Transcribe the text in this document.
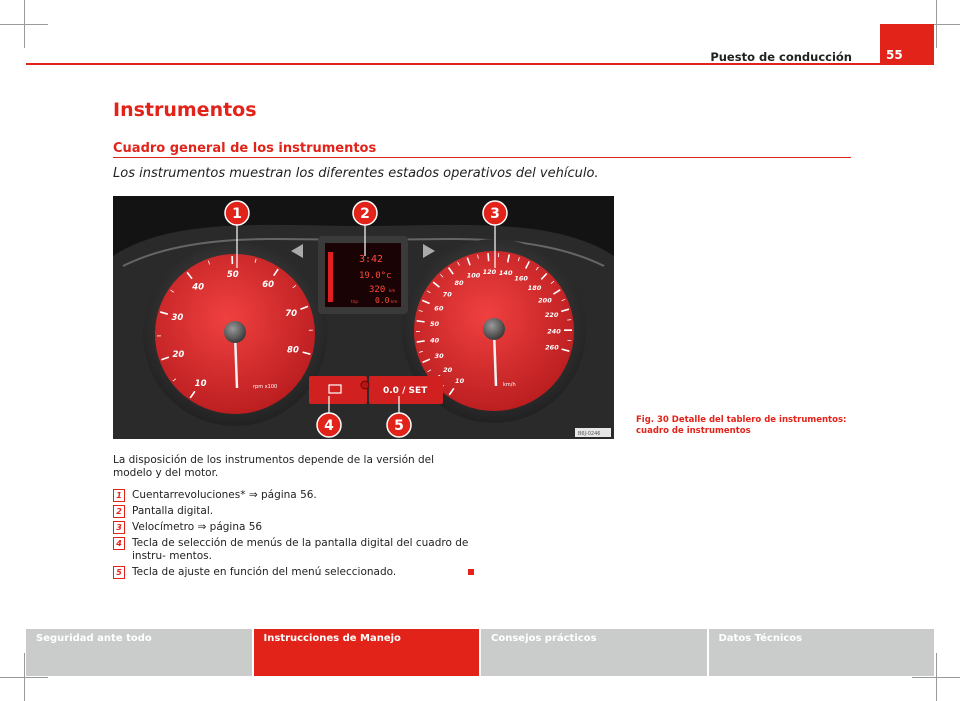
Puesto de conducción	55
Instrumentos
Cuadro general de los instrumentos
Los instrumentos muestran los diferentes estados operativos del vehículo.
10
20
30
40
50
60
70
80
rpm x100
10
20
30
40
50
60
70
80
100 120 140
160
180
200
220
240
260
km/h
3:42
19.0°c
320 km
trip 0.0 km
0.0 / SET
1	2	3
4	5	B6J-0246
Fig. 30 Detalle del tablero de instrumentos: cuadro de instrumentos
La disposición de los instrumentos depende de la versión del modelo y del motor.
1 Cuentarrevoluciones* ⇒ página 56.
2 Pantalla digital.
3 Velocímetro ⇒ página 56
4 Tecla de selección de menús de la pantalla digital del cuadro de instru- mentos.
5 Tecla de ajuste en función del menú seleccionado.
Seguridad ante todo	Instrucciones de Manejo	Consejos prácticos	Datos Técnicos
